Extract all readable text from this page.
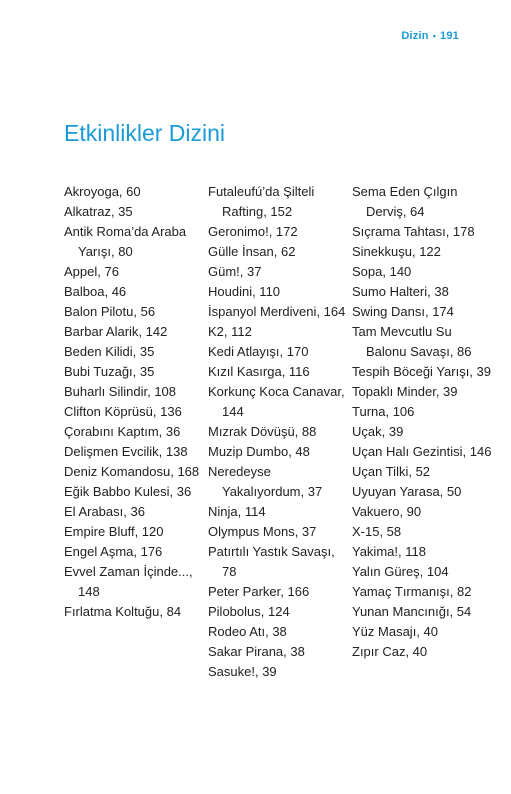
Dizin • 191
Etkinlikler Dizini
Akroyoga, 60
Alkatraz, 35
Antik Roma’da Araba Yarışı, 80
Appel, 76
Balboa, 46
Balon Pilotu, 56
Barbar Alarik, 142
Beden Kilidi, 35
Bubi Tuzağı, 35
Buharlı Silindir, 108
Clifton Köprüsü, 136
Çorabını Kaptım, 36
Delişmen Evcilik, 138
Deniz Komandosu, 168
Eğik Babbo Kulesi, 36
El Arabası, 36
Empire Bluff, 120
Engel Aşma, 176
Evvel Zaman İçinde..., 148
Fırlatma Koltuğu, 84
Futaleufú’da Şilteli Rafting, 152
Geronimo!, 172
Gülle İnsan, 62
Güm!, 37
Houdini, 110
İspanyol Merdiveni, 164
K2, 112
Kedi Atlayışı, 170
Kızıl Kasırga, 116
Korkunç Koca Canavar, 144
Mızrak Dövüşü, 88
Muzip Dumbo, 48
Neredeyse Yakalıyordum, 37
Ninja, 114
Olympus Mons, 37
Patırtılı Yastık Savaşı, 78
Peter Parker, 166
Pilobolus, 124
Rodeo Atı, 38
Sakar Pirana, 38
Sasuke!, 39
Sema Eden Çılgın Derviş, 64
Sıçrama Tahtası, 178
Sinekkuşu, 122
Sopa, 140
Sumo Halteri, 38
Swing Dansı, 174
Tam Mevcutlu Su Balonu Savaşı, 86
Tespih Böceği Yarışı, 39
Topaklı Minder, 39
Turna, 106
Uçak, 39
Uçan Halı Gezintisi, 146
Uçan Tilki, 52
Uyuyan Yarasa, 50
Vakuero, 90
X-15, 58
Yakima!, 118
Yalın Güreş, 104
Yamaç Tırmanışı, 82
Yunan Mancınığı, 54
Yüz Masajı, 40
Zıpır Caz, 40
